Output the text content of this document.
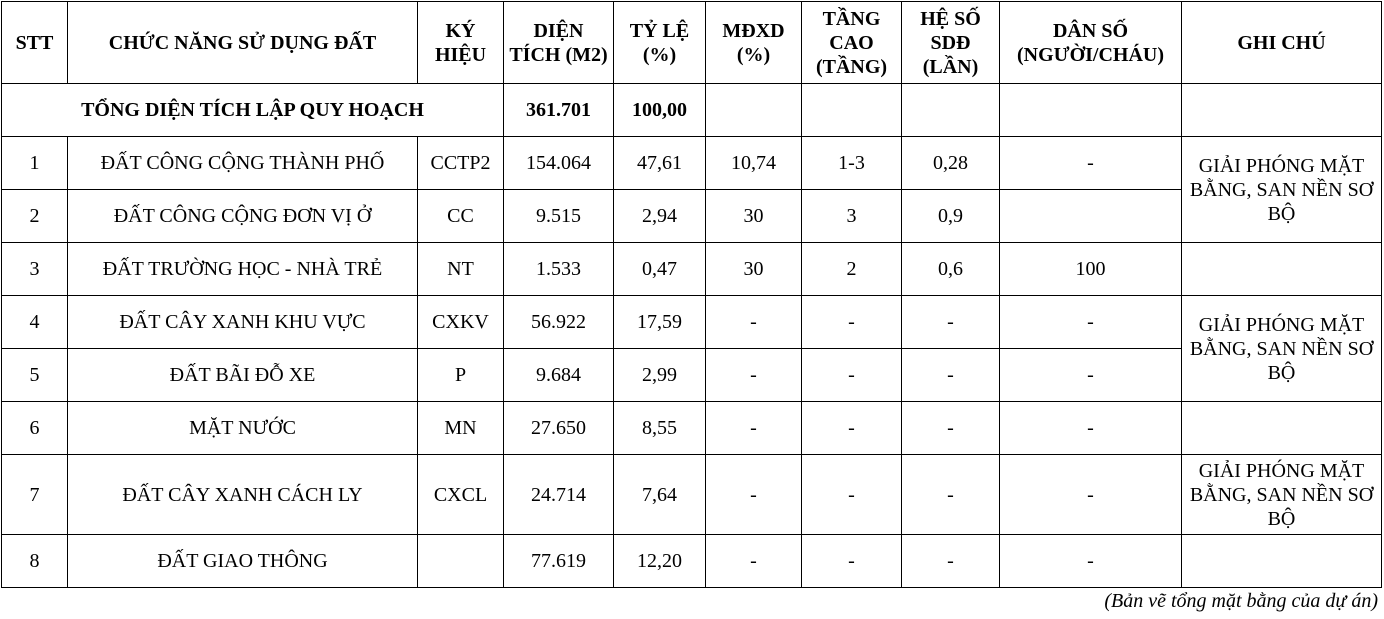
STT	CHỨC NĂNG SỬ DỤNG ĐẤT	KÝ HIỆU	DIỆN TÍCH (M2)	TỶ LỆ (%)	MĐXD (%)	TẦNG CAO (TẦNG)	HỆ SỐ SDĐ (LẦN)	DÂN SỐ (NGƯỜI/CHÁU)	GHI CHÚ
TỔNG DIỆN TÍCH LẬP QUY HOẠCH			361.701	100,00					
1	ĐẤT CÔNG CỘNG THÀNH PHỐ	CCTP2	154.064	47,61	10,74	1-3	0,28	-	GIẢI PHÓNG MẶT BẰNG, SAN NỀN SƠ BỘ
2	ĐẤT CÔNG CỘNG ĐƠN VỊ Ở	CC	9.515	2,94	30	3	0,9		
3	ĐẤT TRƯỜNG HỌC - NHÀ TRẺ	NT	1.533	0,47	30	2	0,6	100	
4	ĐẤT CÂY XANH KHU VỰC	CXKV	56.922	17,59	-	-	-	-	GIẢI PHÓNG MẶT BẰNG, SAN NỀN SƠ BỘ
5	ĐẤT BÃI ĐỖ XE	P	9.684	2,99	-	-	-	-	
6	MẶT NƯỚC	MN	27.650	8,55	-	-	-	-	
7	ĐẤT CÂY XANH CÁCH LY	CXCL	24.714	7,64	-	-	-	-	GIẢI PHÓNG MẶT BẰNG, SAN NỀN SƠ BỘ
8	ĐẤT GIAO THÔNG		77.619	12,20	-	-	-	-	
(Bản vẽ tổng mặt bằng của dự án)
